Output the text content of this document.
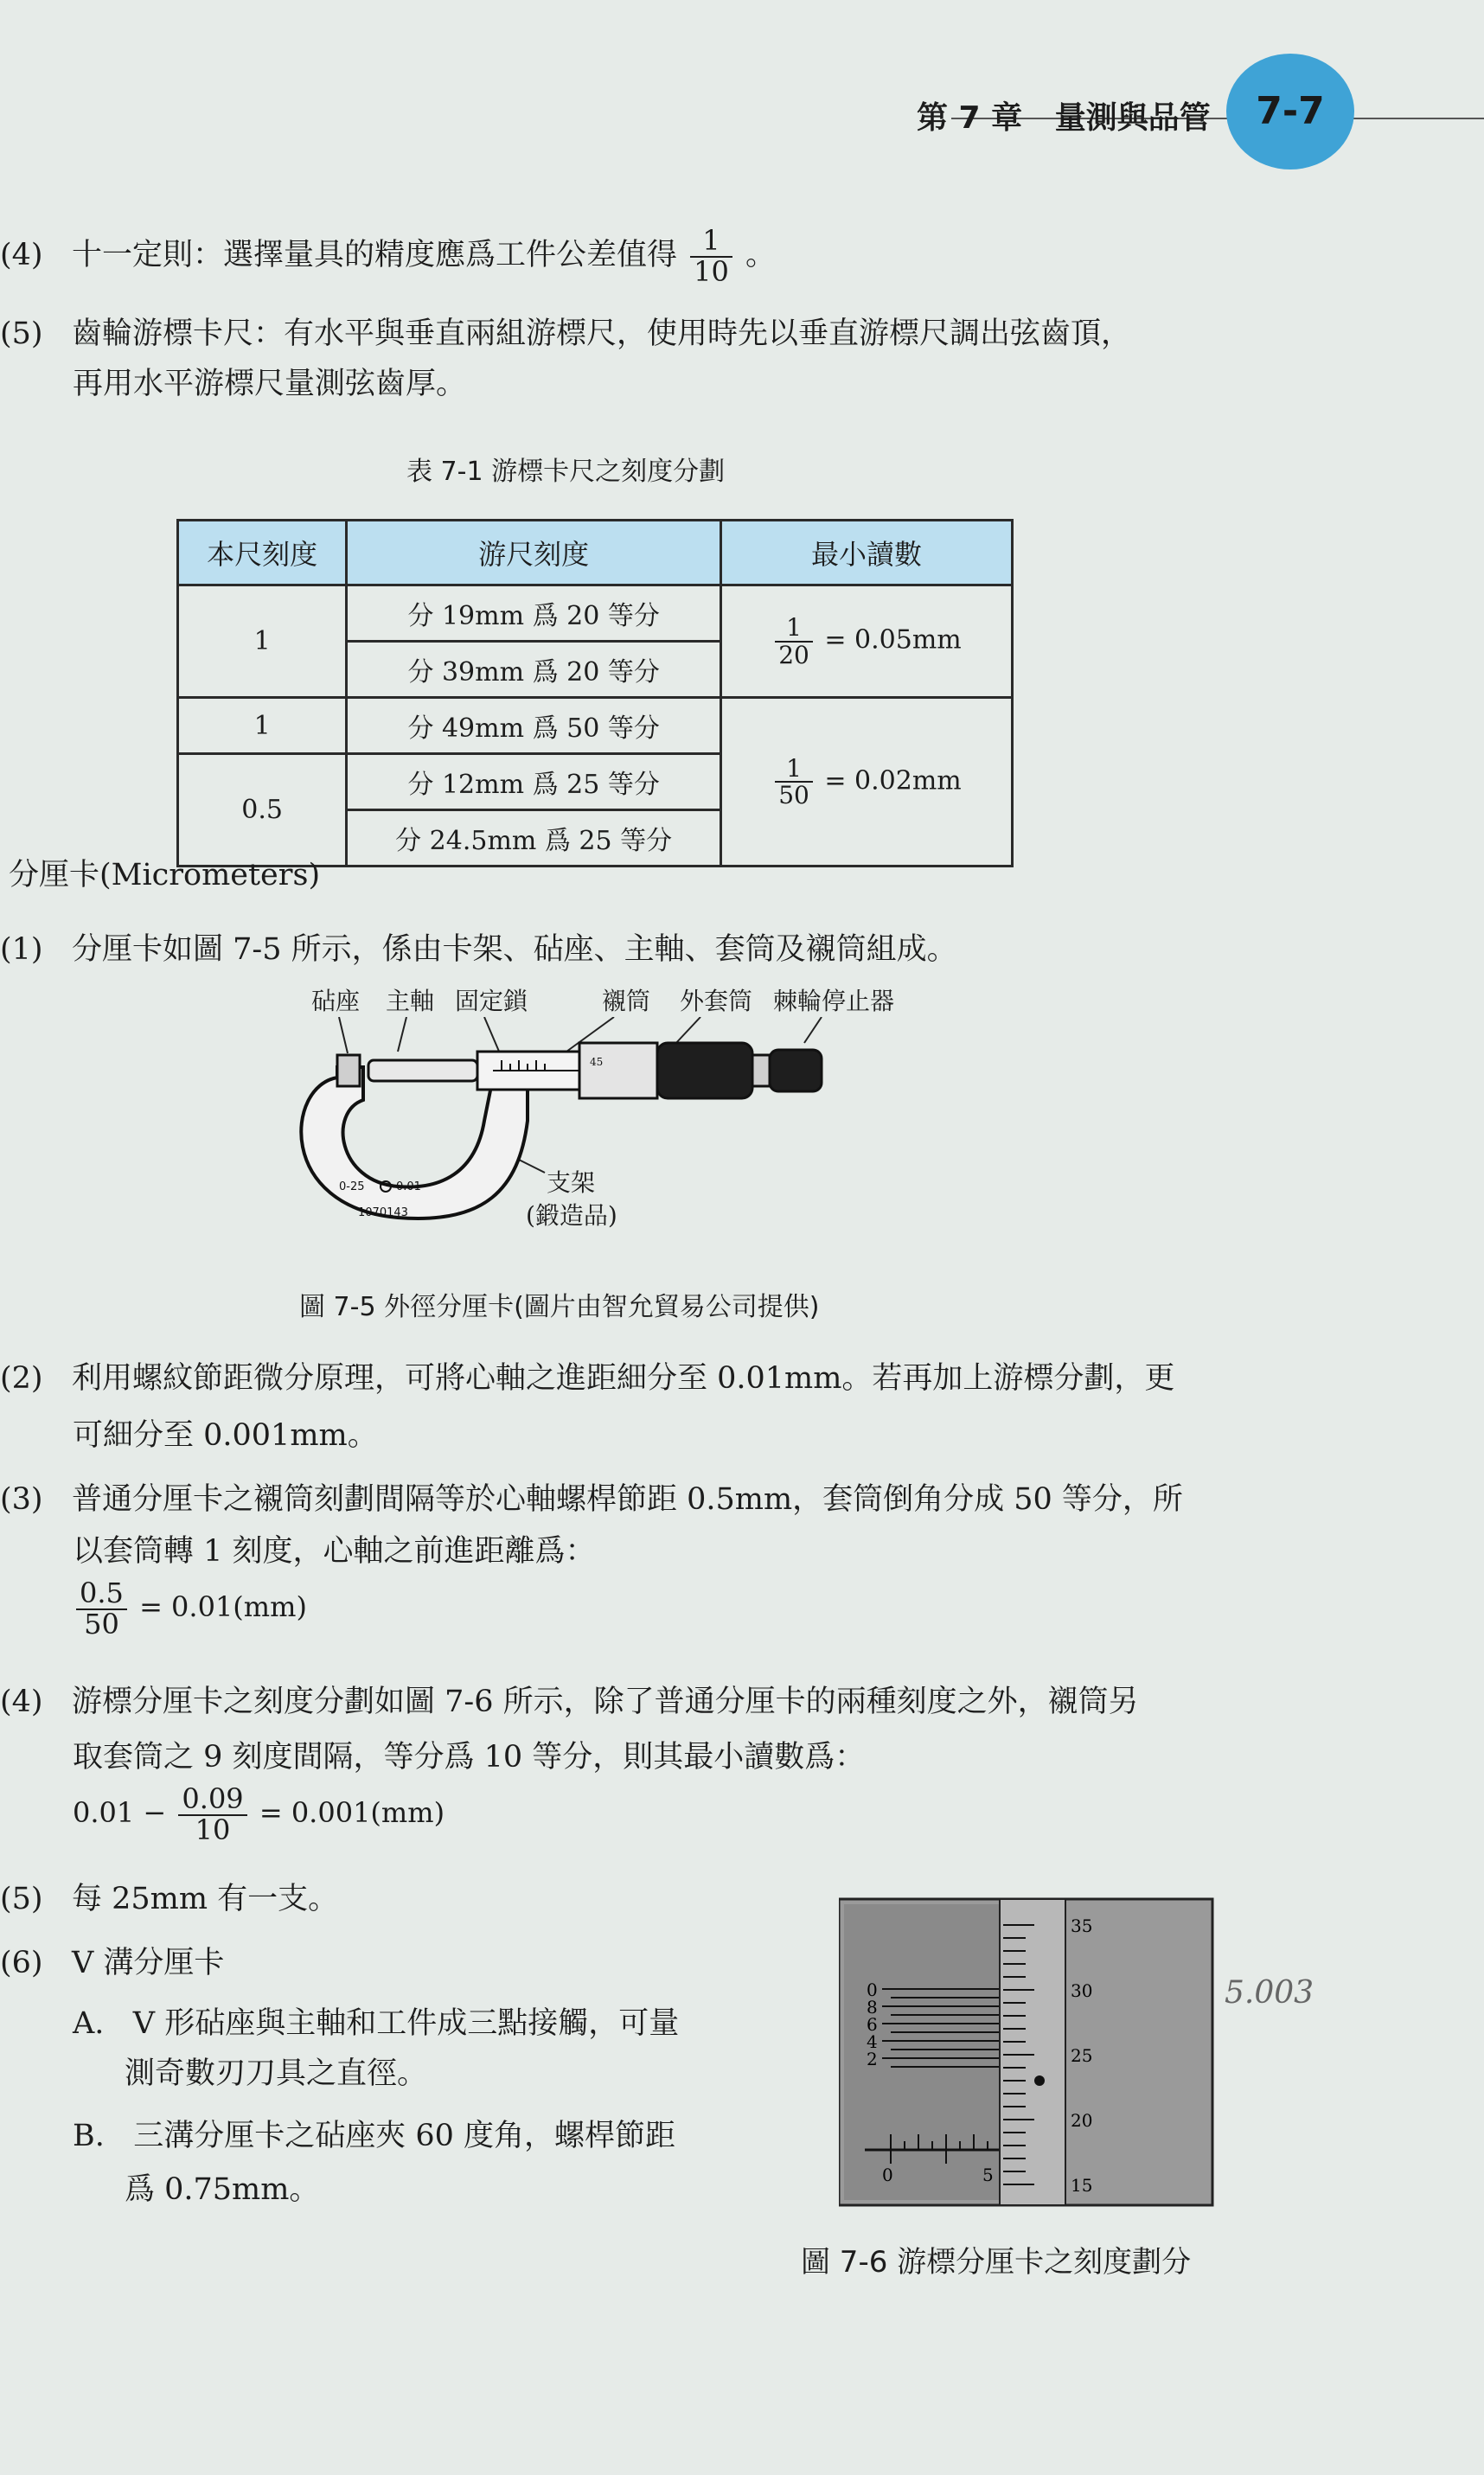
第 7 章 量測與品管	7-7
(4) 十一定則：選擇量具的精度應爲工件公差值得 $\frac{1}{10}$ 。
(5) 齒輪游標卡尺：有水平與垂直兩組游標尺，使用時先以垂直游標尺調出弦齒頂，
再用水平游標尺量測弦齒厚。
表 7-1 游標卡尺之刻度分劃
本尺刻度	游尺刻度	最小讀數
1	分 19mm 爲 20 等分	$\frac{1}{20} = 0.05mm$
	分 39mm 爲 20 等分	
1	分 49mm 爲 50 等分	$\frac{1}{50} = 0.02mm$
0.5	分 12mm 爲 25 等分	
	分 24.5mm 爲 25 等分	
分厘卡(Micrometers)
(1) 分厘卡如圖 7-5 所示，係由卡架、砧座、主軸、套筒及襯筒組成。
砧座 主軸 固定鎖	襯筒 外套筒 棘輪停止器
支架
(鍛造品)
45
0-25	0.01
1070143
圖 7-5 外徑分厘卡(圖片由智允貿易公司提供)
(2) 利用螺紋節距微分原理，可將心軸之進距細分至 0.01mm。若再加上游標分劃，更
可細分至 0.001mm。
(3) 普通分厘卡之襯筒刻劃間隔等於心軸螺桿節距 0.5mm，套筒倒角分成 50 等分，所
以套筒轉 1 刻度，心軸之前進距離爲：
$\frac{0.5}{50} = 0.01(mm)$
(4) 游標分厘卡之刻度分劃如圖 7-6 所示，除了普通分厘卡的兩種刻度之外，襯筒另
取套筒之 9 刻度間隔，等分爲 10 等分，則其最小讀數爲：
$0.01 - \frac{0.09}{10} = 0.001(mm)$
(5) 每 25mm 有一支。
(6) V 溝分厘卡
A. V 形砧座與主軸和工件成三點接觸，可量
測奇數刃刀具之直徑。
B. 三溝分厘卡之砧座夾 60 度角，螺桿節距
爲 0.75mm。
0
8
6
4
2
0	5
35
30
25
20
15
圖 7-6 游標分厘卡之刻度劃分
5.003
